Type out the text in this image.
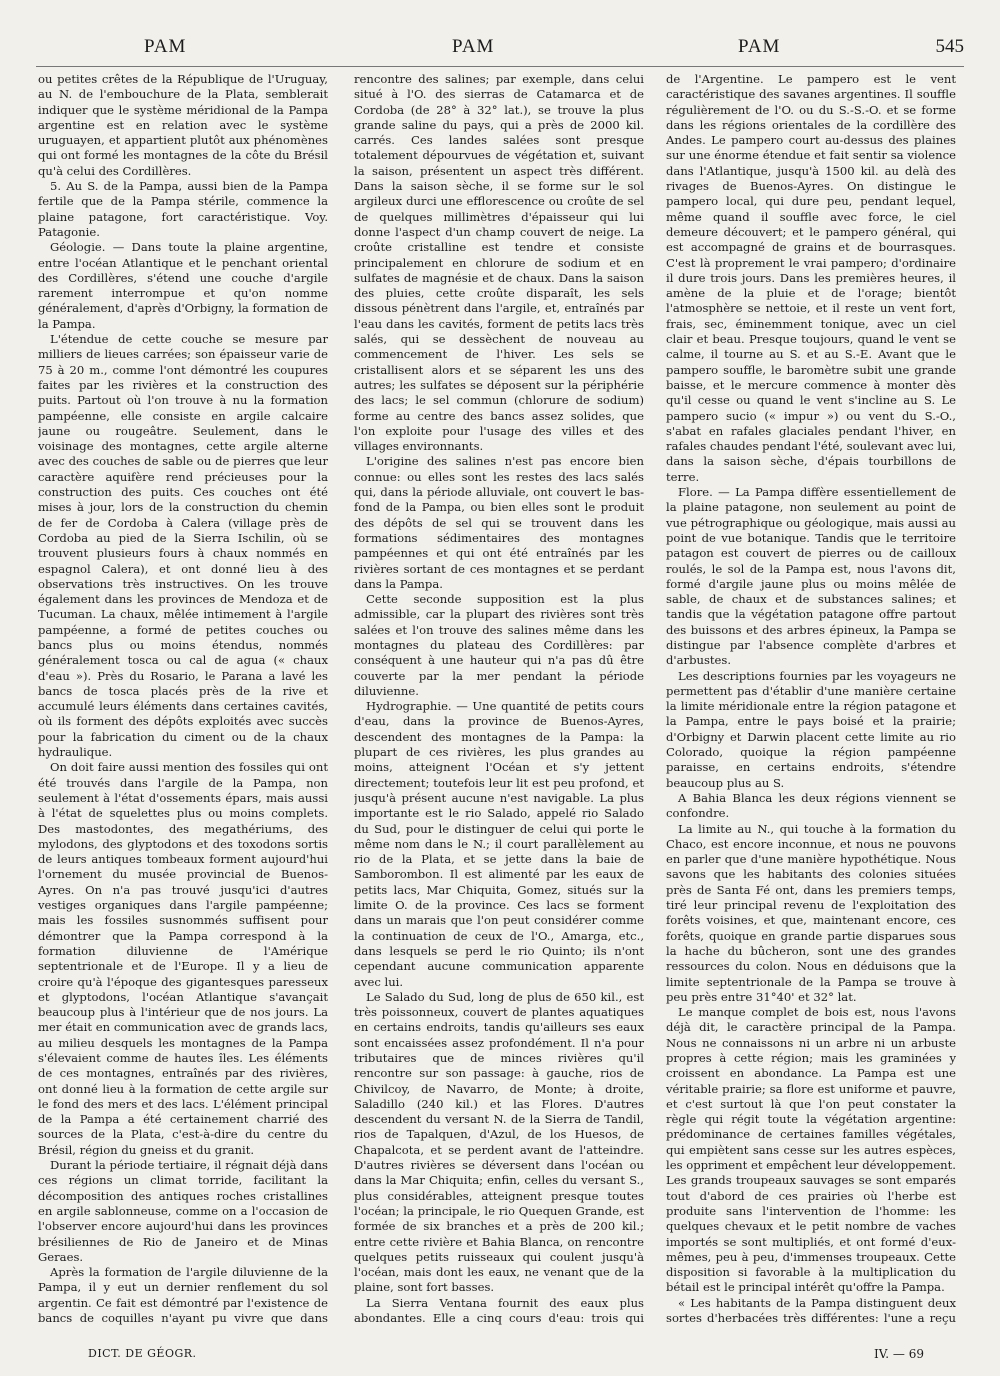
PAM	PAM	PAM	545

ou petites crêtes de la République de l'Uruguay, au N. de l'embouchure de la Plata, semblerait indiquer que le système méridional de la Pampa argentine est en relation avec le système uruguayen, et appartient plutôt aux phénomènes qui ont formé les montagnes de la côte du Brésil qu'à celui des Cordillères.

5. Au S. de la Pampa, aussi bien de la Pampa fertile que de la Pampa stérile, commence la plaine patagone, fort caractéristique. Voy. Patagonie.

Géologie. — Dans toute la plaine argentine, entre l'océan Atlantique et le penchant oriental des Cordillères, s'étend une couche d'argile rarement interrompue et qu'on nomme généralement, d'après d'Orbigny, la formation de la Pampa.

L'étendue de cette couche se mesure par milliers de lieues carrées; son épaisseur varie de 75 à 20 m., comme l'ont démontré les coupures faites par les rivières et la construction des puits. Partout où l'on trouve à nu la formation pampéenne, elle consiste en argile calcaire jaune ou rougeâtre. Seulement, dans le voisinage des montagnes, cette argile alterne avec des couches de sable ou de pierres que leur caractère aquifère rend précieuses pour la construction des puits. Ces couches ont été mises à jour, lors de la construction du chemin de fer de Cordoba à Calera (village près de Cordoba au pied de la Sierra Ischilin, où se trouvent plusieurs fours à chaux nommés en espagnol Calera), et ont donné lieu à des observations très instructives. On les trouve également dans les provinces de Mendoza et de Tucuman. La chaux, mêlée intimement à l'argile pampéenne, a formé de petites couches ou bancs plus ou moins étendus, nommés généralement tosca ou cal de agua (« chaux d'eau »). Près du Rosario, le Parana a lavé les bancs de tosca placés près de la rive et accumulé leurs éléments dans certaines cavités, où ils forment des dépôts exploités avec succès pour la fabrication du ciment ou de la chaux hydraulique.

On doit faire aussi mention des fossiles qui ont été trouvés dans l'argile de la Pampa, non seulement à l'état d'ossements épars, mais aussi à l'état de squelettes plus ou moins complets. Des mastodontes, des megathériums, des mylodons, des glyptodons et des toxodons sortis de leurs antiques tombeaux forment aujourd'hui l'ornement du musée provincial de Buenos-Ayres. On n'a pas trouvé jusqu'ici d'autres vestiges organiques dans l'argile pampéenne; mais les fossiles susnommés suffisent pour démontrer que la Pampa correspond à la formation diluvienne de l'Amérique septentrionale et de l'Europe. Il y a lieu de croire qu'à l'époque des gigantesques paresseux et glyptodons, l'océan Atlantique s'avançait beaucoup plus à l'intérieur que de nos jours. La mer était en communication avec de grands lacs, au milieu desquels les montagnes de la Pampa s'élevaient comme de hautes îles. Les éléments de ces montagnes, entraînés par des rivières, ont donné lieu à la formation de cette argile sur le fond des mers et des lacs. L'élément principal de la Pampa a été certainement charrié des sources de la Plata, c'est-à-dire du centre du Brésil, région du gneiss et du granit.

Durant la période tertiaire, il régnait déjà dans ces régions un climat torride, facilitant la décomposition des antiques roches cristallines en argile sablonneuse, comme on a l'occasion de l'observer encore aujourd'hui dans les provinces brésiliennes de Rio de Janeiro et de Minas Geraes.

Après la formation de l'argile diluvienne de la Pampa, il y eut un dernier renflement du sol argentin. Ce fait est démontré par l'existence de bancs de coquilles n'ayant pu vivre que dans

rencontre des salines; par exemple, dans celui situé à l'O. des sierras de Catamarca et de Cordoba (de 28° à 32° lat.), se trouve la plus grande saline du pays, qui a près de 2000 kil. carrés. Ces landes salées sont presque totalement dépourvues de végétation et, suivant la saison, présentent un aspect très différent. Dans la saison sèche, il se forme sur le sol argileux durci une efflorescence ou croûte de sel de quelques millimètres d'épaisseur qui lui donne l'aspect d'un champ couvert de neige. La croûte cristalline est tendre et consiste principalement en chlorure de sodium et en sulfates de magnésie et de chaux. Dans la saison des pluies, cette croûte disparaît, les sels dissous pénètrent dans l'argile, et, entraînés par l'eau dans les cavités, forment de petits lacs très salés, qui se dessèchent de nouveau au commencement de l'hiver. Les sels se cristallisent alors et se séparent les uns des autres; les sulfates se déposent sur la périphérie des lacs; le sel commun (chlorure de sodium) forme au centre des bancs assez solides, que l'on exploite pour l'usage des villes et des villages environnants.

L'origine des salines n'est pas encore bien connue: ou elles sont les restes des lacs salés qui, dans la période alluviale, ont couvert le bas-fond de la Pampa, ou bien elles sont le produit des dépôts de sel qui se trouvent dans les formations sédimentaires des montagnes pampéennes et qui ont été entraînés par les rivières sortant de ces montagnes et se perdant dans la Pampa.

Cette seconde supposition est la plus admissible, car la plupart des rivières sont très salées et l'on trouve des salines même dans les montagnes du plateau des Cordillères: par conséquent à une hauteur qui n'a pas dû être couverte par la mer pendant la période diluvienne.

Hydrographie. — Une quantité de petits cours d'eau, dans la province de Buenos-Ayres, descendent des montagnes de la Pampa: la plupart de ces rivières, les plus grandes au moins, atteignent l'Océan et s'y jettent directement; toutefois leur lit est peu profond, et jusqu'à présent aucune n'est navigable. La plus importante est le rio Salado, appelé rio Salado du Sud, pour le distinguer de celui qui porte le même nom dans le N.; il court parallèlement au rio de la Plata, et se jette dans la baie de Samborombon. Il est alimenté par les eaux de petits lacs, Mar Chiquita, Gomez, situés sur la limite O. de la province. Ces lacs se forment dans un marais que l'on peut considérer comme la continuation de ceux de l'O., Amarga, etc., dans lesquels se perd le rio Quinto; ils n'ont cependant aucune communication apparente avec lui.

Le Salado du Sud, long de plus de 650 kil., est très poissonneux, couvert de plantes aquatiques en certains endroits, tandis qu'ailleurs ses eaux sont encaissées assez profondément. Il n'a pour tributaires que de minces rivières qu'il rencontre sur son passage: à gauche, rios de Chivilcoy, de Navarro, de Monte; à droite, Saladillo (240 kil.) et las Flores. D'autres descendent du versant N. de la Sierra de Tandil, rios de Tapalquen, d'Azul, de los Huesos, de Chapalcota, et se perdent avant de l'atteindre. D'autres rivières se déversent dans l'océan ou dans la Mar Chiquita; enfin, celles du versant S., plus considérables, atteignent presque toutes l'océan; la principale, le rio Quequen Grande, est formée de six branches et a près de 200 kil.; entre cette rivière et Bahia Blanca, on rencontre quelques petits ruisseaux qui coulent jusqu'à l'océan, mais dont les eaux, ne venant que de la plaine, sont fort basses.

La Sierra Ventana fournit des eaux plus abondantes. Elle a cinq cours d'eau: trois qui

de l'Argentine. Le pampero est le vent caractéristique des savanes argentines. Il souffle régulièrement de l'O. ou du S.-S.-O. et se forme dans les régions orientales de la cordillère des Andes. Le pampero court au-dessus des plaines sur une énorme étendue et fait sentir sa violence dans l'Atlantique, jusqu'à 1500 kil. au delà des rivages de Buenos-Ayres. On distingue le pampero local, qui dure peu, pendant lequel, même quand il souffle avec force, le ciel demeure découvert; et le pampero général, qui est accompagné de grains et de bourrasques. C'est là proprement le vrai pampero; d'ordinaire il dure trois jours. Dans les premières heures, il amène de la pluie et de l'orage; bientôt l'atmosphère se nettoie, et il reste un vent fort, frais, sec, éminemment tonique, avec un ciel clair et beau. Presque toujours, quand le vent se calme, il tourne au S. et au S.-E. Avant que le pampero souffle, le baromètre subit une grande baisse, et le mercure commence à monter dès qu'il cesse ou quand le vent s'incline au S. Le pampero sucio (« impur ») ou vent du S.-O., s'abat en rafales glaciales pendant l'hiver, en rafales chaudes pendant l'été, soulevant avec lui, dans la saison sèche, d'épais tourbillons de terre.

Flore. — La Pampa diffère essentiellement de la plaine patagone, non seulement au point de vue pétrographique ou géologique, mais aussi au point de vue botanique. Tandis que le territoire patagon est couvert de pierres ou de cailloux roulés, le sol de la Pampa est, nous l'avons dit, formé d'argile jaune plus ou moins mêlée de sable, de chaux et de substances salines; et tandis que la végétation patagone offre partout des buissons et des arbres épineux, la Pampa se distingue par l'absence complète d'arbres et d'arbustes.

Les descriptions fournies par les voyageurs ne permettent pas d'établir d'une manière certaine la limite méridionale entre la région patagone et la Pampa, entre le pays boisé et la prairie; d'Orbigny et Darwin placent cette limite au rio Colorado, quoique la région pampéenne paraisse, en certains endroits, s'étendre beaucoup plus au S.

A Bahia Blanca les deux régions viennent se confondre.

La limite au N., qui touche à la formation du Chaco, est encore inconnue, et nous ne pouvons en parler que d'une manière hypothétique. Nous savons que les habitants des colonies situées près de Santa Fé ont, dans les premiers temps, tiré leur principal revenu de l'exploitation des forêts voisines, et que, maintenant encore, ces forêts, quoique en grande partie disparues sous la hache du bûcheron, sont une des grandes ressources du colon. Nous en déduisons que la limite septentrionale de la Pampa se trouve à peu près entre 31°40' et 32° lat.

Le manque complet de bois est, nous l'avons déjà dit, le caractère principal de la Pampa. Nous ne connaissons ni un arbre ni un arbuste propres à cette région; mais les graminées y croissent en abondance. La Pampa est une véritable prairie; sa flore est uniforme et pauvre, et c'est surtout là que l'on peut constater la règle qui régit toute la végétation argentine: prédominance de certaines familles végétales, qui empiètent sans cesse sur les autres espèces, les oppriment et empêchent leur développement. Les grands troupeaux sauvages se sont emparés tout d'abord de ces prairies où l'herbe est produite sans l'intervention de l'homme: les quelques chevaux et le petit nombre de vaches importés se sont multipliés, et ont formé d'eux-mêmes, peu à peu, d'immenses troupeaux. Cette disposition si favorable à la multiplication du bétail est le principal intérêt qu'offre la Pampa.

« Les habitants de la Pampa distinguent deux sortes d'herbacées très différentes: l'une a reçu

DICT. DE GÉOGR.	IV. — 69
